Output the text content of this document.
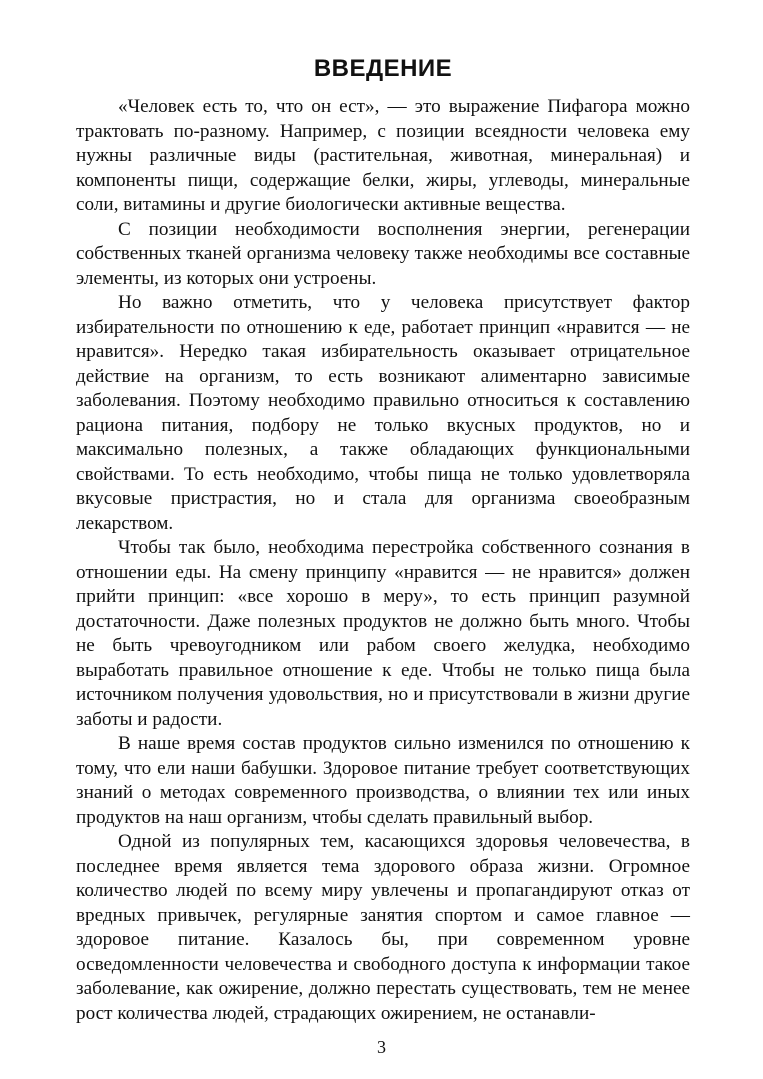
ВВЕДЕНИЕ

«Человек есть то, что он ест», — это выражение Пифагора можно трактовать по-разному. Например, с позиции всеядности человека ему нужны различные виды (растительная, животная, минеральная) и компоненты пищи, содержащие белки, жиры, углеводы, минеральные соли, витамины и другие биологически активные вещества.

С позиции необходимости восполнения энергии, регенерации собственных тканей организма человеку также необходимы все составные элементы, из которых они устроены.

Но важно отметить, что у человека присутствует фактор избирательности по отношению к еде, работает принцип «нравится — не нравится». Нередко такая избирательность оказывает отрицательное действие на организм, то есть возникают алиментарно зависимые заболевания. Поэтому необходимо правильно относиться к составлению рациона питания, подбору не только вкусных продуктов, но и максимально полезных, а также обладающих функциональными свойствами. То есть необходимо, чтобы пища не только удовлетворяла вкусовые пристрастия, но и стала для организма своеобразным лекарством.

Чтобы так было, необходима перестройка собственного сознания в отношении еды. На смену принципу «нравится — не нравится» должен прийти принцип: «все хорошо в меру», то есть принцип разумной достаточности. Даже полезных продуктов не должно быть много. Чтобы не быть чревоугодником или рабом своего желудка, необходимо выработать правильное отношение к еде. Чтобы не только пища была источником получения удовольствия, но и присутствовали в жизни другие заботы и радости.

В наше время состав продуктов сильно изменился по отношению к тому, что ели наши бабушки. Здоровое питание требует соответствующих знаний о методах современного производства, о влиянии тех или иных продуктов на наш организм, чтобы сделать правильный выбор.

Одной из популярных тем, касающихся здоровья человечества, в последнее время является тема здорового образа жизни. Огромное количество людей по всему миру увлечены и пропагандируют отказ от вредных привычек, регулярные занятия спортом и самое главное — здоровое питание. Казалось бы, при современном уровне осведомленности человечества и свободного доступа к информации такое заболевание, как ожирение, должно перестать существовать, тем не менее рост количества людей, страдающих ожирением, не останавли-

3
